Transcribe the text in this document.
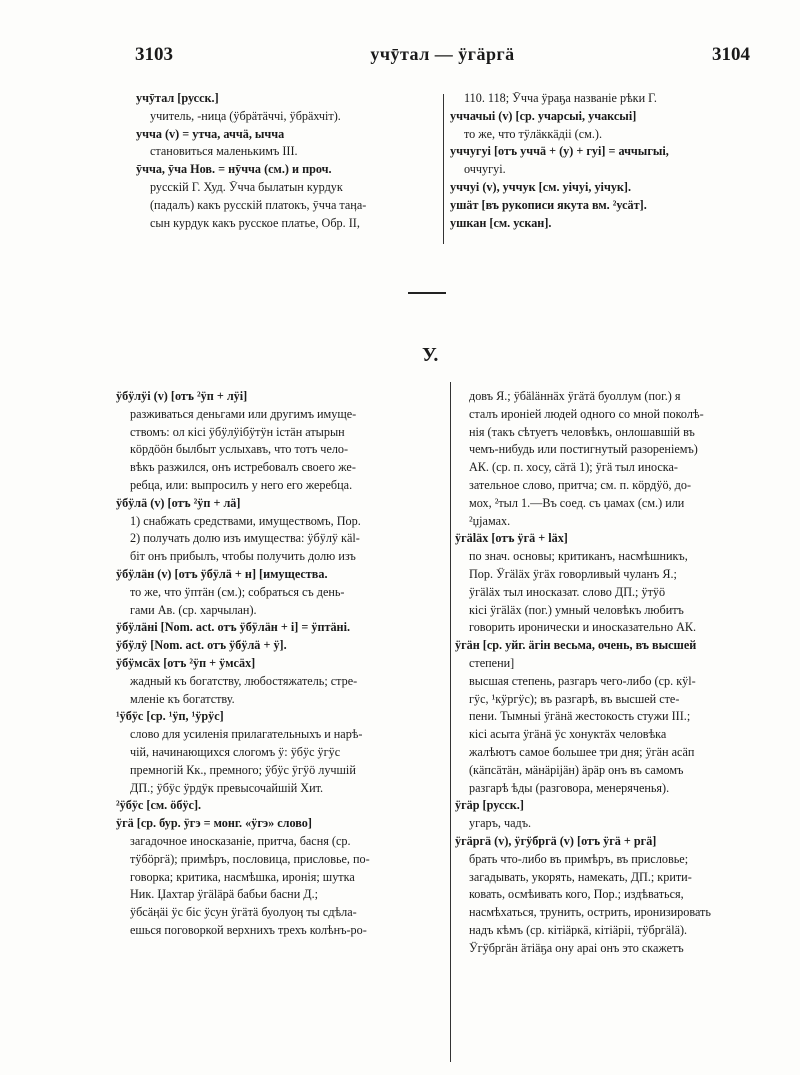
3103	учӯтал — ӱгӓргӓ	3104
учӯтал [русск.]
учитель, -ница (ӱбрӓтӓччі, ӱбрӓхчіт).
учча (v) = утча, аччӓ, ычча
становиться маленькимъ III.
ӯчча, ӯча Нов. = нӯчча (см.) и проч.
русскій Г. Худ. Ӯчча былатын курдук
(падалъ) какъ русскій платокъ, ӯчча таӊа-
сын курдук какъ русское платье, Обр. II,
110. 118; Ӯчча ӱраҕа названіе рѣки Г.
уччачыі (v) [ср. учарсыі, учаксыі]
то же, что тӱлӓккӓдіі (см.).
уччугуі [отъ уччӓ + (у) + гуі] = аччыгыі,
оччугуі.
уччуі (v), уччук [см. уічуі, уічук].
ушӓт [въ рукописи якута вм. ²усӓт].
ушкан [см. ускан].
У.
ӱбӱлӱі (v) [отъ ²ӱп + лӱі]
разживаться деньгами или другимъ имуще-
ствомъ: ол кісі ӱбӱлӱібӱтӱн істӓн атырын
кӧрдӧӧн былбыт услыхавъ, что тотъ чело-
вѣкъ разжился, онъ истребовалъ своего же-
ребца, или: выпросилъ у него его жеребца.
ӱбӱлӓ (v) [отъ ²ӱп + лӓ]
1) снабжать средствами, имуществомъ, Пор.
2) получать долю изъ имущества: ӱбӱлӱ кӓl-
біт онъ прибылъ, чтобы получить долю изъ
ӱбӱлӓн (v) [отъ ӱбӱлӓ + н] [имущества.
то же, что ӱптӓн (см.); собраться съ день-
гами Ав. (ср. харчылан).
ӱбӱлӓні [Nom. act. отъ ӱбӱлӓн + і] = ӱптӓні.
ӱбӱлӱ [Nom. act. отъ ӱбӱлӓ + ӱ].
ӱбӱмсӓх [отъ ²ӱп + ӱмсӓх]
жадный къ богатству, любостяжатель; стре-
мленіе къ богатству.
¹ӱбӱс [ср. ¹ӱп, ¹ӱрӱс]
слово для усиленія прилагательныхъ и нарѣ-
чій, начинающихся слогомъ ӱ: ӱбӱс ӱгӱс
премногій Кк., премного; ӱбӱс ӱгӱӧ лучшій
ДП.; ӱбӱс ӱрдӱк превысочайшій Хит.
²ӱбӱс [см. ӧбӱс].
ӱгӓ [ср. бур. ӱгэ = монг. «ӱгэ» слово]
загадочное иносказаніе, притча, басня (ср.
тӱбӧргӓ); примѣръ, пословица, присловье, по-
говорка; критика, насмѣшка, иронія; шутка
Ник. Џахтар ӱгӓlӓрӓ бабьи басни Д.;
ӱбсӓӊӓі ӱс біс ӱсун ӱгӓтӓ буолуоӊ ты сдѣла-
ешься поговоркой верхнихъ трехъ колѣнъ-ро-
довъ Я.; ӱбӓlӓннӓх ӱгӓтӓ буоллум (пог.) я
сталъ ироніей людей одного со мной поколѣ-
нія (такъ сѣтуетъ человѣкъ, онлошавшій въ
чемъ-нибудь или постигнутый разореніемъ)
АК. (ср. п. хосу, сӓтӓ 1); ӱгӓ тыл иноска-
зательное слово, притча; см. п. кӧрдӱӧ, до-
мох, ²тыл 1.—Въ соед. съ џамах (см.) или
²џjамах.
ӱгӓlӓх [отъ ӱгӓ + lӓх]
по знач. основы; критиканъ, насмѣшникъ,
Пор. Ӱгӓlӓх ӱгӓх говорливый чуланъ Я.;
ӱгӓlӓх тыл иносказат. слово ДП.; ӱтӱӧ
кісі ӱгӓlӓх (пог.) умный человѣкъ любитъ
говорить иронически и иносказательно АК.
ӱгӓн [ср. уйг. ӓгін весьма, очень, въ высшей
степени]
высшая степень, разгаръ чего-либо (ср. кӱl-
гӱс, ¹кӱргӱс); въ разгарѣ, въ высшей сте-
пени. Тымныі ӱгӓнӓ жестокость стужи III.;
кісі асыта ӱгӓнӓ ӱс хонуктӓх человѣка
жалѣютъ самое большее три дня; ӱгӓн асӓп
(кӓпсӓтӓн, мӓнӓріjӓн) ӓрӓр онъ въ самомъ
разгарѣ ѣды (разговора, менеряченья).
ӱгӓр [русск.]
угаръ, чадъ.
ӱгӓргӓ (v), ӱгӱбргӓ (v) [отъ ӱгӓ + ргӓ]
брать что-либо въ примѣръ, въ присловье;
загадывать, укорять, намекать, ДП.; крити-
ковать, осмѣивать кого, Пор.; издѣваться,
насмѣхаться, трунить, острить, иронизировать
надъ кѣмъ (ср. кітіӓркӓ, кітіӓріі, тӱбргӓlӓ).
Ӱгӱбргӓн ӓтіӓҕа ону араі онъ это скажетъ
